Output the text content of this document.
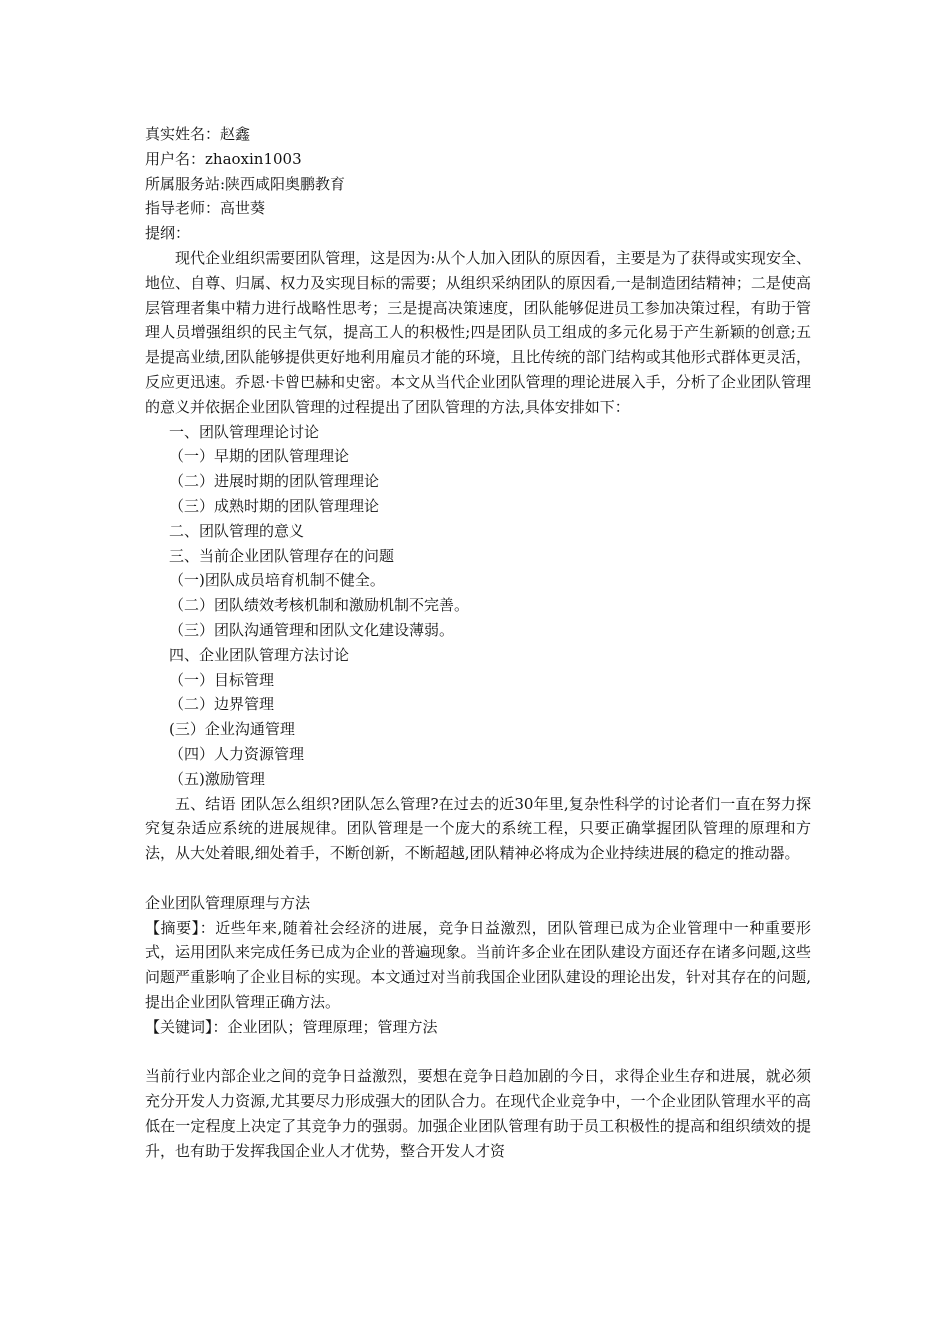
真实姓名：赵鑫

用户名：zhaoxin1003

所属服务站:陕西咸阳奥鹏教育

指导老师：高世葵

提纲：

现代企业组织需要团队管理，这是因为:从个人加入团队的原因看，主要是为了获得或实现安全、地位、自尊、归属、权力及实现目标的需要；从组织采纳团队的原因看,一是制造团结精神；二是使高层管理者集中精力进行战略性思考；三是提高决策速度，团队能够促进员工参加决策过程，有助于管理人员增强组织的民主气氛，提高工人的积极性;四是团队员工组成的多元化易于产生新颖的创意;五是提高业绩,团队能够提供更好地利用雇员才能的环境，且比传统的部门结构或其他形式群体更灵活，反应更迅速。乔恩·卡曾巴赫和史密。本文从当代企业团队管理的理论进展入手，分析了企业团队管理的意义并依据企业团队管理的过程提出了团队管理的方法,具体安排如下：

一、团队管理理论讨论

（一）早期的团队管理理论

（二）进展时期的团队管理理论

（三）成熟时期的团队管理理论

二、团队管理的意义

三、当前企业团队管理存在的问题

（一)团队成员培育机制不健全。

（二）团队绩效考核机制和激励机制不完善。

（三）团队沟通管理和团队文化建设薄弱。

四、企业团队管理方法讨论

（一）目标管理

（二）边界管理

(三）企业沟通管理

（四）人力资源管理

（五)激励管理

五、结语 团队怎么组织?团队怎么管理?在过去的近30年里,复杂性科学的讨论者们一直在努力探究复杂适应系统的进展规律。团队管理是一个庞大的系统工程，只要正确掌握团队管理的原理和方法，从大处着眼,细处着手，不断创新，不断超越,团队精神必将成为企业持续进展的稳定的推动器。

企业团队管理原理与方法

【摘要】：近些年来,随着社会经济的进展，竞争日益激烈，团队管理已成为企业管理中一种重要形式，运用团队来完成任务已成为企业的普遍现象。当前许多企业在团队建设方面还存在诸多问题,这些问题严重影响了企业目标的实现。本文通过对当前我国企业团队建设的理论出发，针对其存在的问题,提出企业团队管理正确方法。

【关键词】：企业团队；管理原理；管理方法

当前行业内部企业之间的竞争日益激烈，要想在竞争日趋加剧的今日，求得企业生存和进展，就必须充分开发人力资源,尤其要尽力形成强大的团队合力。在现代企业竞争中，一个企业团队管理水平的高低在一定程度上决定了其竞争力的强弱。加强企业团队管理有助于员工积极性的提高和组织绩效的提升，也有助于发挥我国企业人才优势，整合开发人才资
